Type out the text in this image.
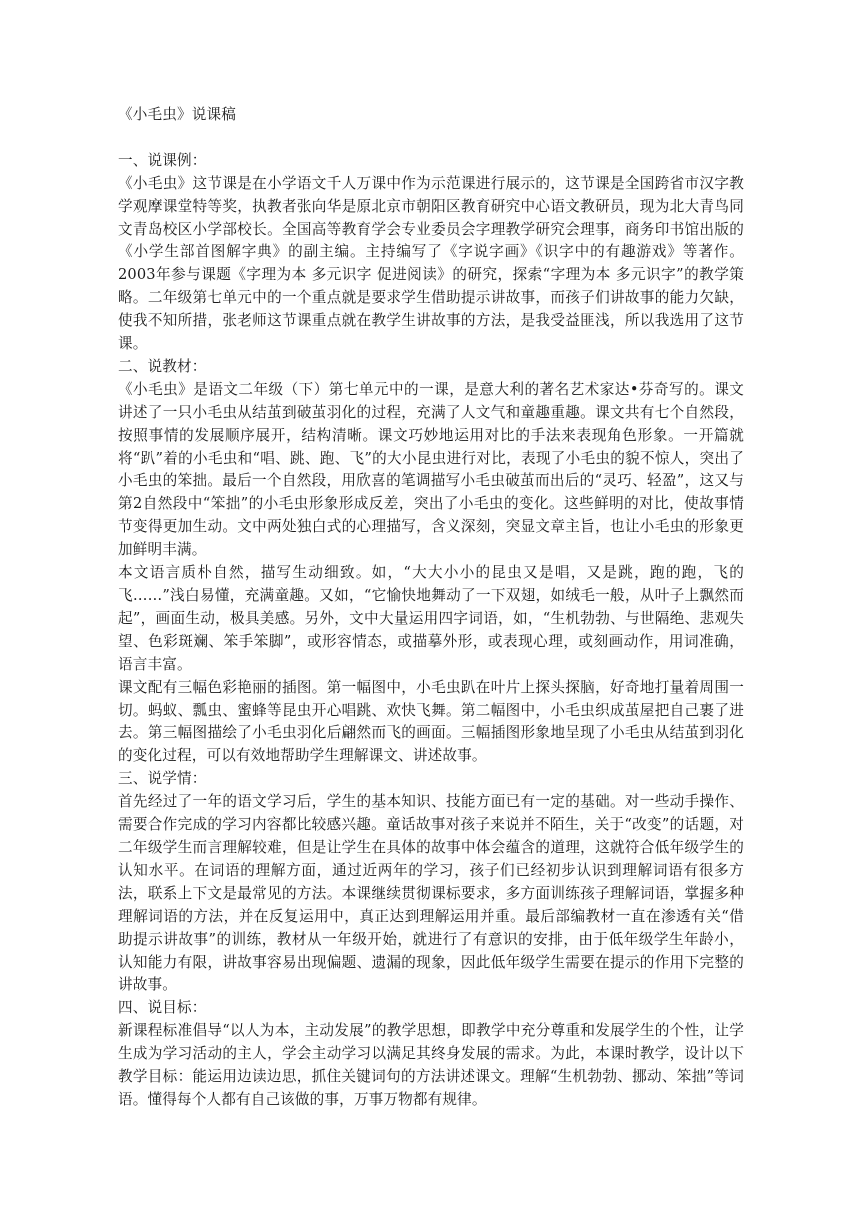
《小毛虫》说课稿
一、说课例：

《小毛虫》这节课是在小学语文千人万课中作为示范课进行展示的，这节课是全国跨省市汉字教学观摩课堂特等奖，执教者张向华是原北京市朝阳区教育研究中心语文教研员，现为北大青鸟同文青岛校区小学部校长。全国高等教育学会专业委员会字理教学研究会理事，商务印书馆出版的《小学生部首图解字典》的副主编。主持编写了《字说字画》《识字中的有趣游戏》等著作。2003年参与课题《字理为本 多元识字 促进阅读》的研究，探索“字理为本 多元识字”的教学策略。二年级第七单元中的一个重点就是要求学生借助提示讲故事，而孩子们讲故事的能力欠缺，使我不知所措，张老师这节课重点就在教学生讲故事的方法，是我受益匪浅，所以我选用了这节课。

二、说教材：

《小毛虫》是语文二年级（下）第七单元中的一课，是意大利的著名艺术家达•芬奇写的。课文讲述了一只小毛虫从结茧到破茧羽化的过程，充满了人文气和童趣重趣。课文共有七个自然段，按照事情的发展顺序展开，结构清晰。课文巧妙地运用对比的手法来表现角色形象。一开篇就将“趴”着的小毛虫和“唱、跳、跑、飞”的大小昆虫进行对比，表现了小毛虫的貌不惊人，突出了小毛虫的笨拙。最后一个自然段，用欣喜的笔调描写小毛虫破茧而出后的“灵巧、轻盈”，这又与第2自然段中“笨拙”的小毛虫形象形成反差，突出了小毛虫的变化。这些鲜明的对比，使故事情节变得更加生动。文中两处独白式的心理描写，含义深刻，突显文章主旨，也让小毛虫的形象更加鲜明丰满。

本文语言质朴自然，描写生动细致。如，“大大小小的昆虫又是唱，又是跳，跑的跑，飞的飞……”浅白易懂，充满童趣。又如，“它愉快地舞动了一下双翅，如绒毛一般，从叶子上飘然而起”，画面生动，极具美感。另外，文中大量运用四字词语，如，“生机勃勃、与世隔绝、悲观失望、色彩斑斓、笨手笨脚”，或形容情态，或描摹外形，或表现心理，或刻画动作，用词准确，语言丰富。

课文配有三幅色彩艳丽的插图。第一幅图中，小毛虫趴在叶片上探头探脑，好奇地打量着周围一切。蚂蚁、瓢虫、蜜蜂等昆虫开心唱跳、欢快飞舞。第二幅图中，小毛虫织成茧屋把自己裹了进去。第三幅图描绘了小毛虫羽化后翩然而飞的画面。三幅插图形象地呈现了小毛虫从结茧到羽化的变化过程，可以有效地帮助学生理解课文、讲述故事。

三、说学情：

首先经过了一年的语文学习后，学生的基本知识、技能方面已有一定的基础。对一些动手操作、需要合作完成的学习内容都比较感兴趣。童话故事对孩子来说并不陌生，关于“改变”的话题，对二年级学生而言理解较难，但是让学生在具体的故事中体会蕴含的道理，这就符合低年级学生的认知水平。在词语的理解方面，通过近两年的学习，孩子们已经初步认识到理解词语有很多方法，联系上下文是最常见的方法。本课继续贯彻课标要求，多方面训练孩子理解词语，掌握多种理解词语的方法，并在反复运用中，真正达到理解运用并重。最后部编教材一直在渗透有关“借助提示讲故事”的训练，教材从一年级开始，就进行了有意识的安排，由于低年级学生年龄小，认知能力有限，讲故事容易出现偏题、遗漏的现象，因此低年级学生需要在提示的作用下完整的讲故事。

四、说目标：

新课程标准倡导“以人为本，主动发展”的教学思想，即教学中充分尊重和发展学生的个性，让学生成为学习活动的主人，学会主动学习以满足其终身发展的需求。为此，本课时教学，设计以下教学目标：能运用边读边思，抓住关键词句的方法讲述课文。理解“生机勃勃、挪动、笨拙”等词语。懂得每个人都有自己该做的事，万事万物都有规律。
